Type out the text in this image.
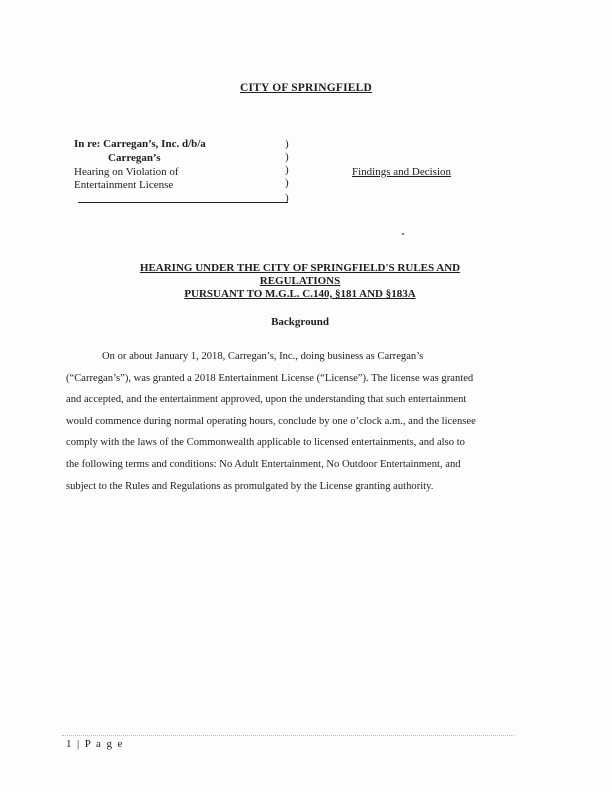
CITY OF SPRINGFIELD
In re: Carregan’s, Inc. d/b/a
Carregan’s
Hearing on Violation of
Entertainment License
)
)
)
)
)
Findings and Decision
HEARING UNDER THE CITY OF SPRINGFIELD'S RULES AND
REGULATIONS
PURSUANT TO M.G.L. C.140, §181 AND §183A
Background
On or about January 1, 2018, Carregan’s, Inc., doing business as Carregan’s
(“Carregan’s”), was granted a 2018 Entertainment License (“License”). The license was granted
and accepted, and the entertainment approved, upon the understanding that such entertainment
would commence during normal operating hours, conclude by one o’clock a.m., and the licensee
comply with the laws of the Commonwealth applicable to licensed entertainments, and also to
the following terms and conditions: No Adult Entertainment, No Outdoor Entertainment, and
subject to the Rules and Regulations as promulgated by the License granting authority.
1 | P a g e
